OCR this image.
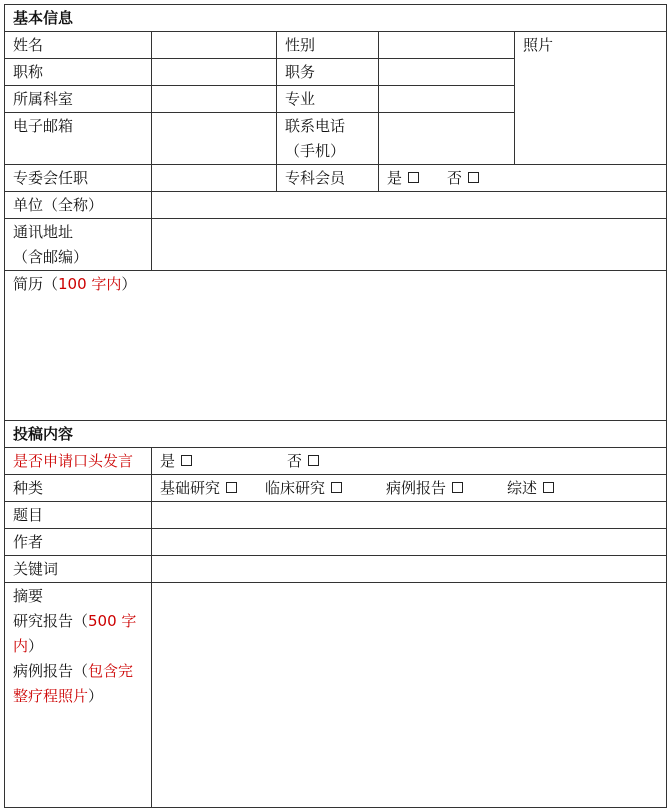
基本信息				
姓名		性别		照片
职称		职务		
所属科室		专业		
电子邮箱		联系电话
（手机）		

专委会任职		专科会员	是 否	
单位（全称）				

通讯地址
（含邮编）				

简历（100 字内）				
投稿内容				
是否申请口头发言	是 否			
种类	基础研究 临床研究 病例报告 综述			
题目				
作者				
关键词				

摘要
研究报告（500 字
内）
病例报告（包含完
整疗程照片）				
